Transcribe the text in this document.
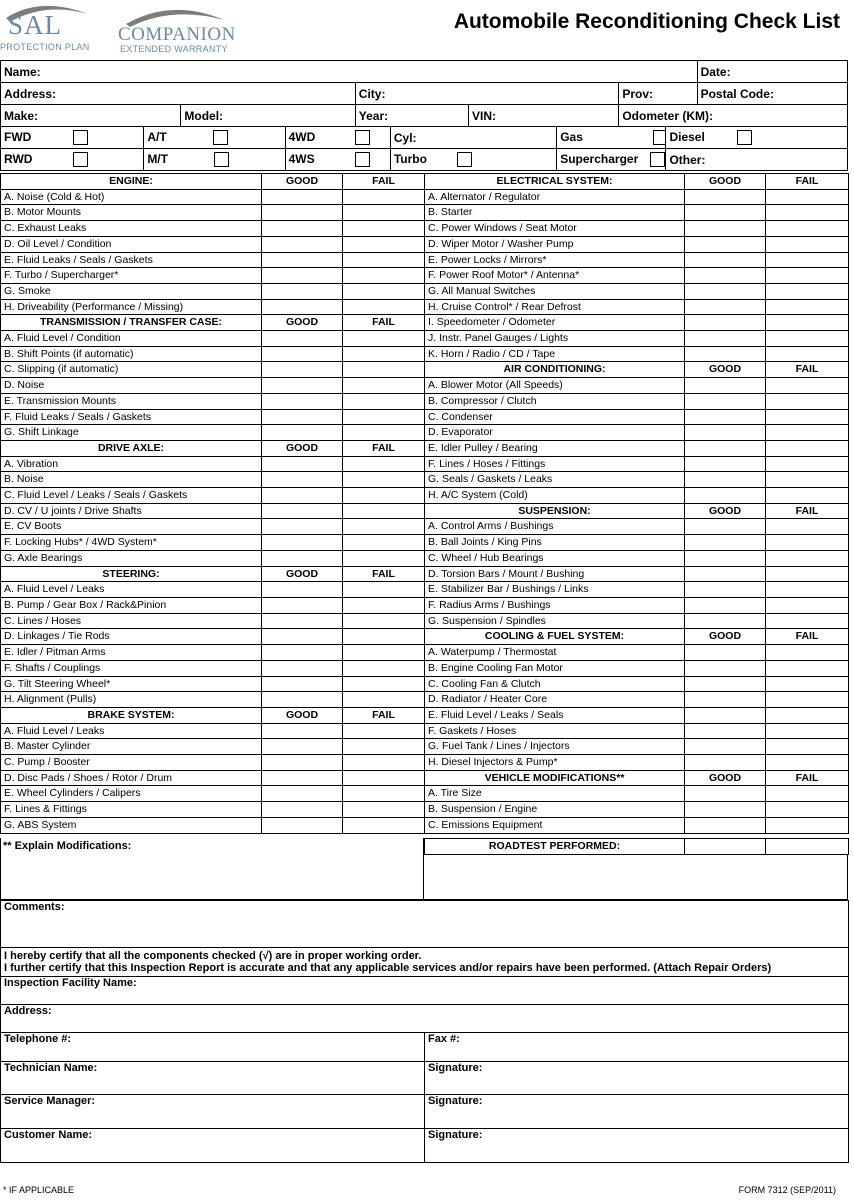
SAL
PROTECTION PLAN
COMPANION
EXTENDED WARRANTY
Automobile Reconditioning Check List
Name:										Date:
Address:				City:				Prov:		Postal Code:
Make:		Model:		Year:		VIN:		Odometer (KM):		
FWD	A/T		4WD		Cyl:		Gas		Diesel	
RWD	M/T		4WS		Turbo		Supercharger		Other:	
ENGINE:	GOOD	FAIL
A. Noise (Cold & Hot)		
B. Motor Mounts		
C. Exhaust Leaks		
D. Oil Level / Condition		
E. Fluid Leaks / Seals / Gaskets		
F. Turbo / Supercharger*		
G. Smoke		
H. Driveability (Performance / Missing)		
TRANSMISSION / TRANSFER CASE:	GOOD	FAIL
A. Fluid Level / Condition		
B. Shift Points (if automatic)		
C. Slipping (if automatic)		
D. Noise		
E. Transmission Mounts		
F. Fluid Leaks / Seals / Gaskets		
G. Shift Linkage		
DRIVE AXLE:	GOOD	FAIL
A. Vibration		
B. Noise		
C. Fluid Level / Leaks / Seals / Gaskets		
D. CV / U joints / Drive Shafts		
E. CV Boots		
F. Locking Hubs* / 4WD System*		
G. Axle Bearings		
STEERING:	GOOD	FAIL
A. Fluid Level / Leaks		
B. Pump / Gear Box / Rack&Pinion		
C. Lines / Hoses		
D. Linkages / Tie Rods		
E. Idler / Pitman Arms		
F. Shafts / Couplings		
G. Tilt Steering Wheel*		
H. Alignment (Pulls)		
BRAKE SYSTEM:	GOOD	FAIL
A. Fluid Level / Leaks		
B. Master Cylinder		
C. Pump / Booster		
D. Disc Pads / Shoes / Rotor / Drum		
E. Wheel Cylinders / Calipers		
F. Lines & Fittings		
G. ABS System		
ELECTRICAL SYSTEM:	GOOD	FAIL
A. Alternator / Regulator		
B. Starter		
C. Power Windows / Seat Motor		
D. Wiper Motor / Washer Pump		
E. Power Locks / Mirrors*		
F. Power Roof Motor* / Antenna*		
G. All Manual Switches		
H. Cruise Control* / Rear Defrost		
I. Speedometer / Odometer		
J. Instr. Panel Gauges / Lights		
K. Horn / Radio / CD / Tape		
AIR CONDITIONING:	GOOD	FAIL
A. Blower Motor (All Speeds)		
B. Compressor / Clutch		
C. Condenser		
D. Evaporator		
E. Idler Pulley / Bearing		
F. Lines / Hoses / Fittings		
G. Seals / Gaskets / Leaks		
H. A/C System (Cold)		
SUSPENSION:	GOOD	FAIL
A. Control Arms / Bushings		
B. Ball Joints / King Pins		
C. Wheel / Hub Bearings		
D. Torsion Bars / Mount / Bushing		
E. Stabilizer Bar / Bushings / Links		
F. Radius Arms / Bushings		
G. Suspension / Spindles		
COOLING & FUEL SYSTEM:	GOOD	FAIL
A. Waterpump / Thermostat		
B. Engine Cooling Fan Motor		
C. Cooling Fan & Clutch		
D. Radiator / Heater Core		
E. Fluid Level / Leaks / Seals		
F. Gaskets / Hoses		
G. Fuel Tank / Lines / Injectors		
H. Diesel Injectors & Pump*		
VEHICLE MODIFICATIONS**	GOOD	FAIL
A. Tire Size		
B. Suspension / Engine		
C. Emissions Equipment		
** Explain Modifications:	ROADTEST PERFORMED:		
Comments:	
I hereby certify that all the components checked (√) are in proper working order.
I further certify that this Inspection Report is accurate and that any applicable services and/or repairs have been performed. (Attach Repair Orders)	
Inspection Facility Name:	
Address:	
Telephone #:	Fax #:
Technician Name:	Signature:
Service Manager:	Signature:
Customer Name:	Signature:
* IF APPLICABLE	FORM 7312 (SEP/2011)
